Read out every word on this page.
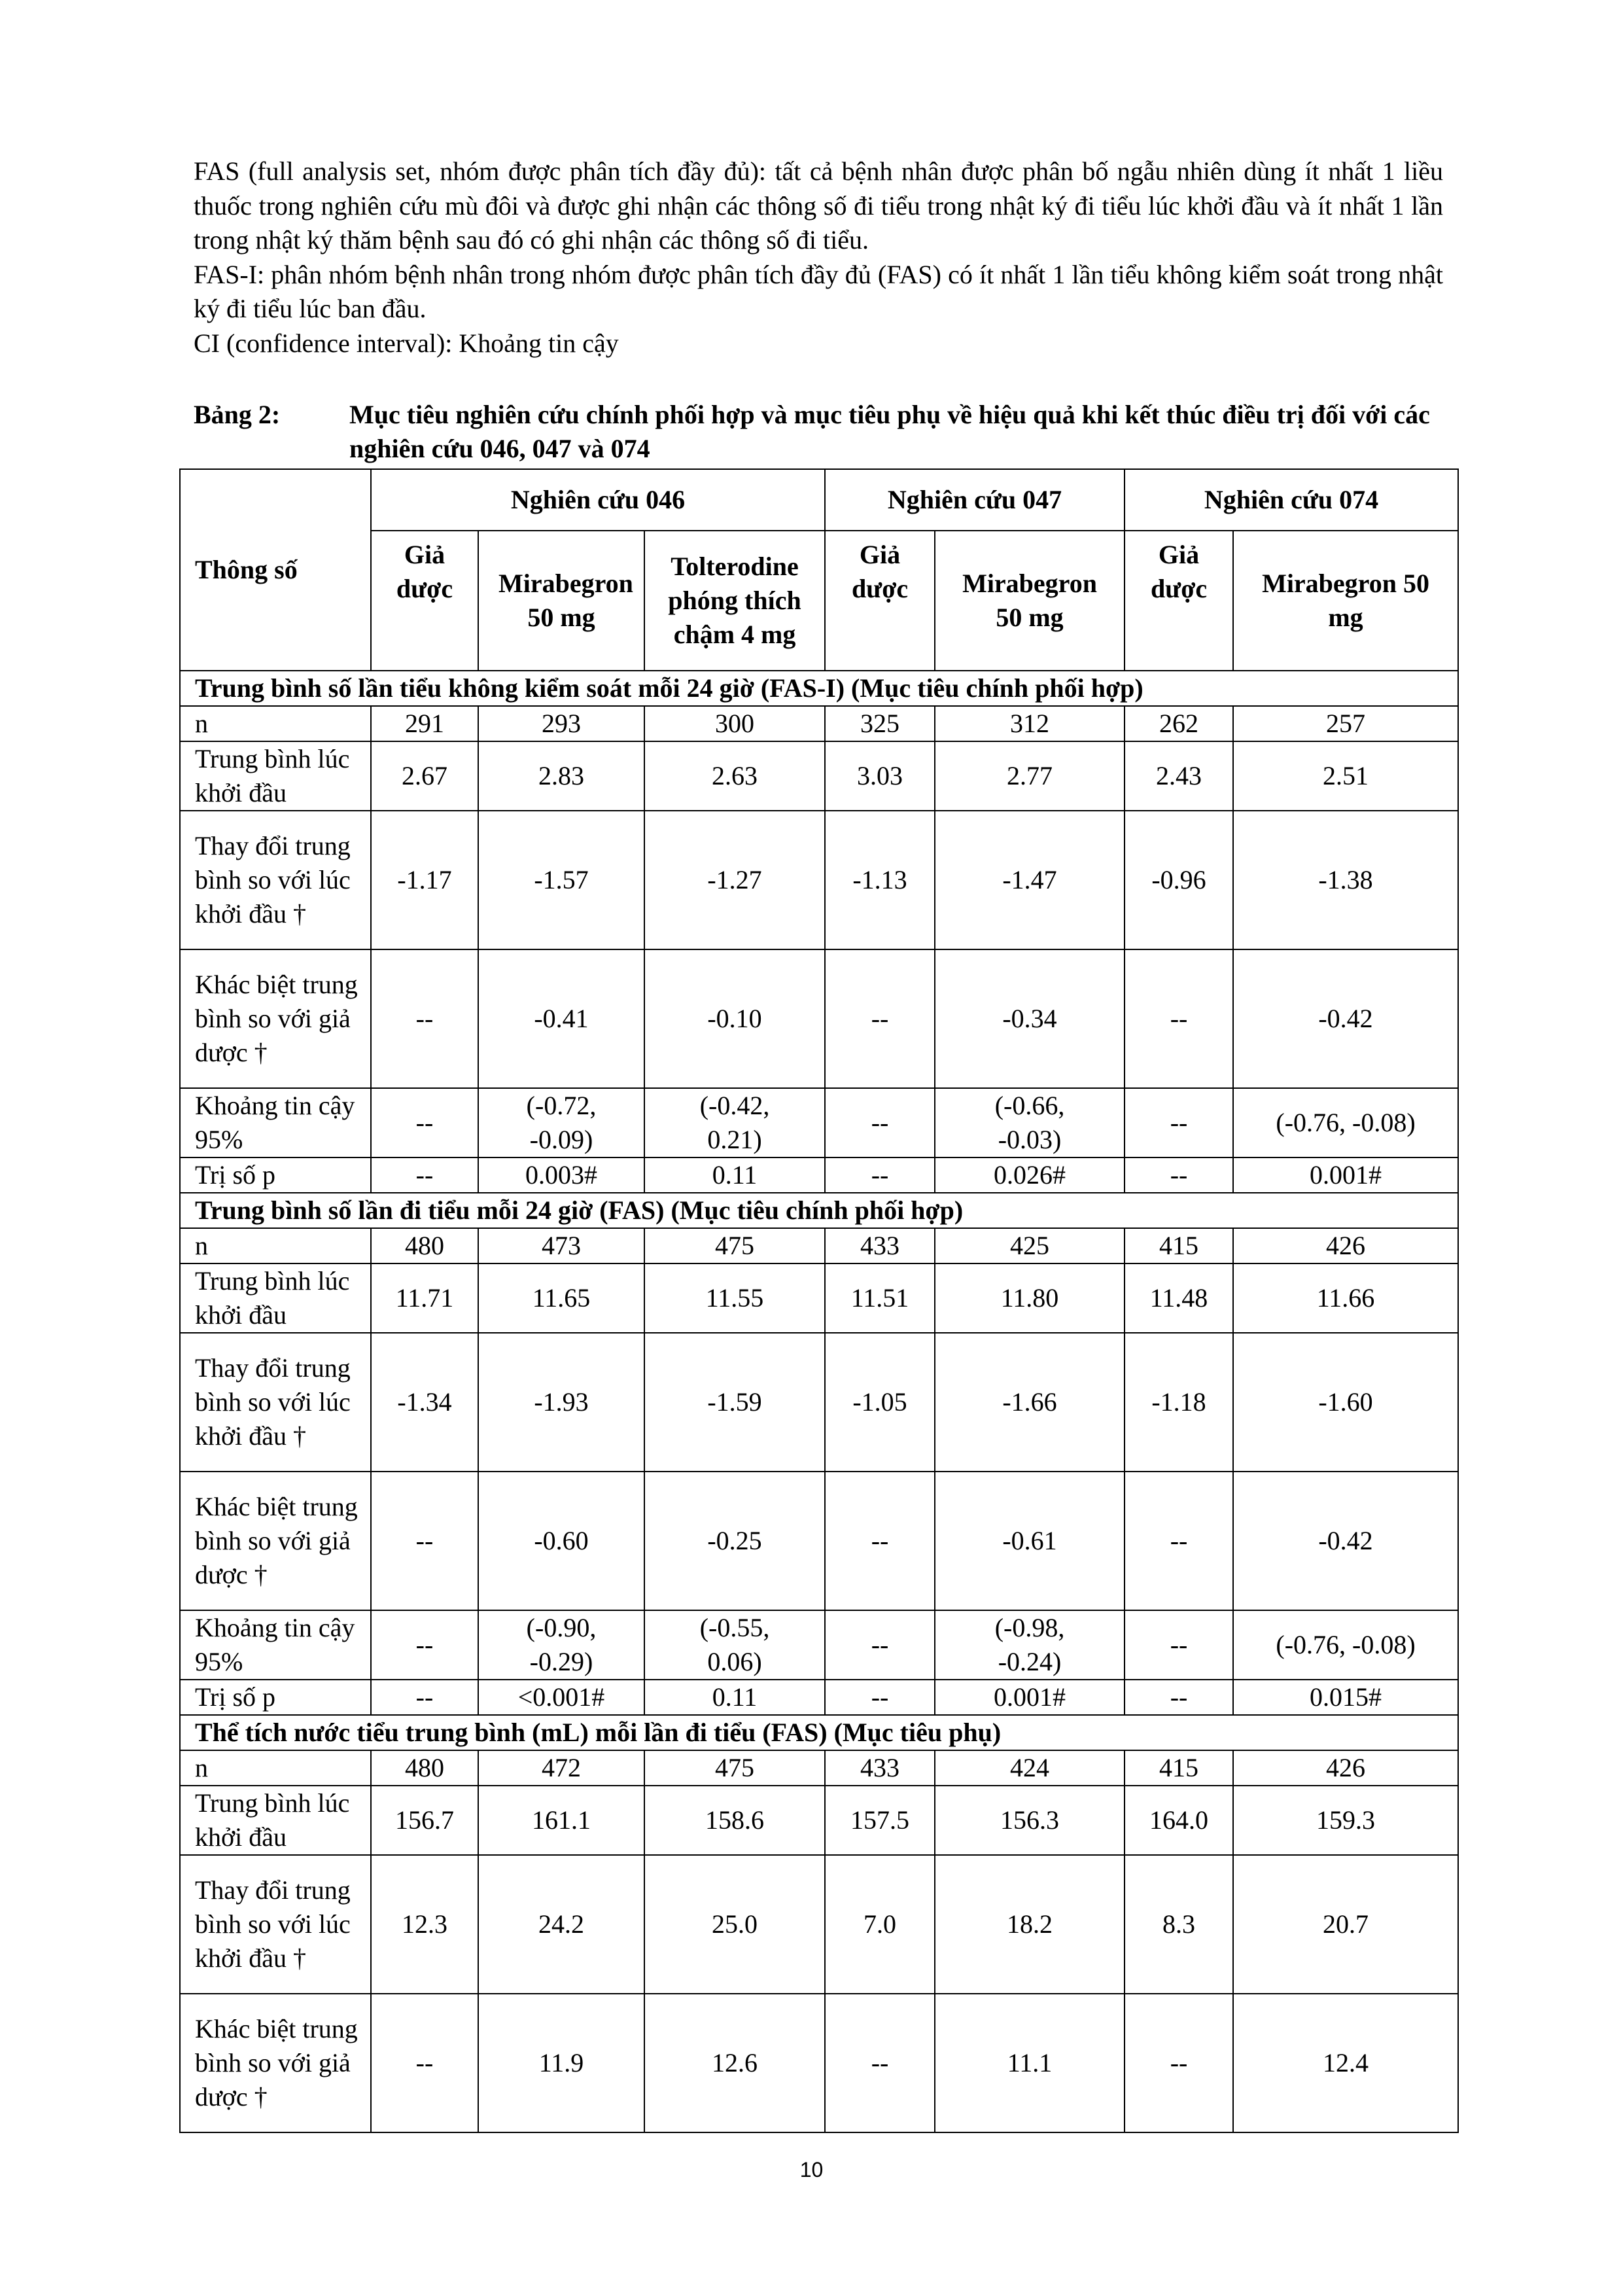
FAS (full analysis set, nhóm được phân tích đầy đủ): tất cả bệnh nhân được phân bố ngẫu nhiên dùng ít nhất 1 liều thuốc trong nghiên cứu mù đôi và được ghi nhận các thông số đi tiểu trong nhật ký đi tiểu lúc khởi đầu và ít nhất 1 lần trong nhật ký thăm bệnh sau đó có ghi nhận các thông số đi tiểu.

FAS-I: phân nhóm bệnh nhân trong nhóm được phân tích đầy đủ (FAS) có ít nhất 1 lần tiểu không kiểm soát trong nhật ký đi tiểu lúc ban đầu.

CI (confidence interval): Khoảng tin cậy

Bảng 2:	Mục tiêu nghiên cứu chính phối hợp và mục tiêu phụ về hiệu quả khi kết thúc điều trị đối với các nghiên cứu 046, 047 và 074
Thông số	Nghiên cứu 046			Nghiên cứu 047		Nghiên cứu 074	
	Giả dược	Mirabegron 50 mg	Tolterodine phóng thích chậm 4 mg	Giả dược	Mirabegron 50 mg	Giả dược	Mirabegron 50 mg
Trung bình số lần tiểu không kiểm soát mỗi 24 giờ (FAS-I) (Mục tiêu chính phối hợp)							
n	291	293	300	325	312	262	257
Trung bình lúc khởi đầu	2.67	2.83	2.63	3.03	2.77	2.43	2.51
Thay đổi trung bình so với lúc khởi đầu †	-1.17	-1.57	-1.27	-1.13	-1.47	-0.96	-1.38
Khác biệt trung bình so với giả dược †	--	-0.41	-0.10	--	-0.34	--	-0.42
Khoảng tin cậy 95%	--	(-0.72, -0.09)	(-0.42, 0.21)	--	(-0.66, -0.03)	--	(-0.76, -0.08)
Trị số p	--	0.003#	0.11	--	0.026#	--	0.001#
Trung bình số lần đi tiểu mỗi 24 giờ (FAS) (Mục tiêu chính phối hợp)							
n	480	473	475	433	425	415	426
Trung bình lúc khởi đầu	11.71	11.65	11.55	11.51	11.80	11.48	11.66
Thay đổi trung bình so với lúc khởi đầu †	-1.34	-1.93	-1.59	-1.05	-1.66	-1.18	-1.60
Khác biệt trung bình so với giả dược †	--	-0.60	-0.25	--	-0.61	--	-0.42
Khoảng tin cậy 95%	--	(-0.90, -0.29)	(-0.55, 0.06)	--	(-0.98, -0.24)	--	(-0.76, -0.08)
Trị số p	--	<0.001#	0.11	--	0.001#	--	0.015#
Thể tích nước tiểu trung bình (mL) mỗi lần đi tiểu (FAS) (Mục tiêu phụ)							
n	480	472	475	433	424	415	426
Trung bình lúc khởi đầu	156.7	161.1	158.6	157.5	156.3	164.0	159.3
Thay đổi trung bình so với lúc khởi đầu †	12.3	24.2	25.0	7.0	18.2	8.3	20.7
Khác biệt trung bình so với giả dược †	--	11.9	12.6	--	11.1	--	12.4
10
